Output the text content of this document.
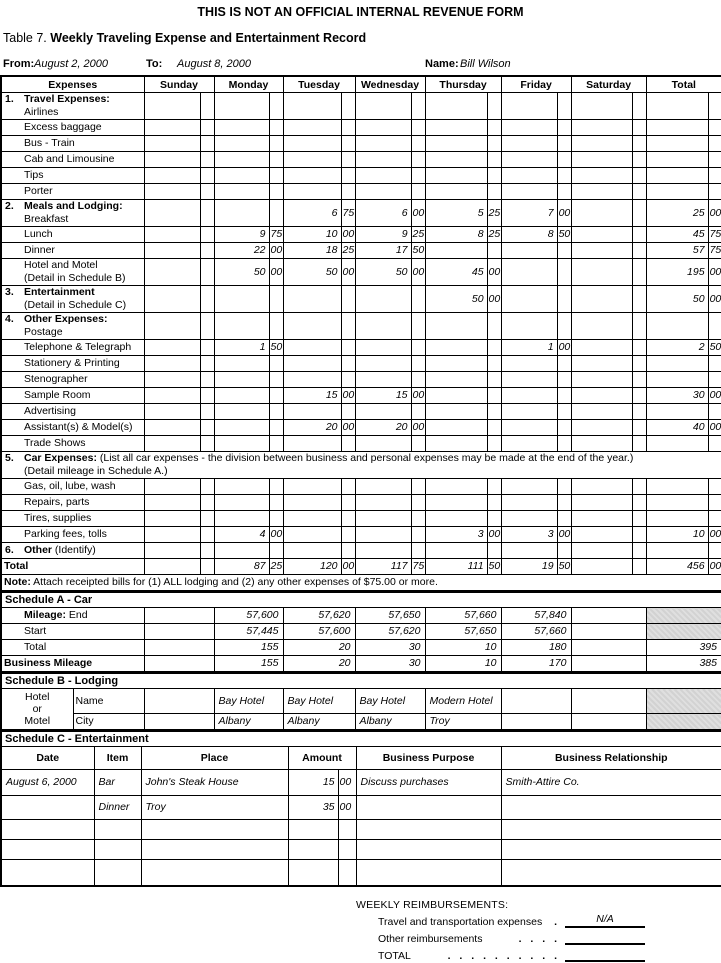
THIS IS NOT AN OFFICIAL INTERNAL REVENUE FORM
Table 7. Weekly Traveling Expense and Entertainment Record
From: August 2, 2000	To: August 8, 2000	Name: Bill Wilson
Expenses	Sunday		Monday		Tuesday		Wednesday		Thursday		Friday		Saturday		Total	

1. Travel Expenses:
Airlines																

Excess baggage																

Bus - Train																

Cab and Limousine																

Tips																

Porter																

2. Meals and Lodging:
Breakfast					6	75	6	00	5	25	7	00			25	00

Lunch			9	75	10	00	9	25	8	25	8	50			45	75

Dinner			22	00	18	25	17	50							57	75

Hotel and Motel
(Detail in Schedule B)			50	00	50	00	50	00	45	00					195	00

3. Entertainment
(Detail in Schedule C)									50	00					50	00

4. Other Expenses:
Postage																

Telephone & Telegraph			1	50							1	00			2	50

Stationery & Printing																

Stenographer																

Sample Room					15	00	15	00							30	00

Advertising																

Assistant(s) & Model(s)					20	00	20	00							40	00

Trade Shows																

5. Car Expenses: (List all car expenses - the division between business and personal expenses may be made at the end of the year.)
(Detail mileage in Schedule A.)																

Gas, oil, lube, wash																

Repairs, parts																

Tires, supplies																

Parking fees, tolls			4	00					3	00	3	00			10	00

6. Other (Identify)																

Total			87	25	120	00	117	75	111	50	19	50			456	00

Note: Attach receipted bills for (1) ALL lodging and (2) any other expenses of $75.00 or more.																
Schedule A - Car								

Mileage: End		57,600	57,620	57,650	57,660	57,840		

Start		57,445	57,600	57,620	57,650	57,660		

Total		155	20	30	10	180		395

Business Mileage		155	20	30	10	170		385
Schedule B - Lodging									

Hotel
or
Motel	Name		Bay Hotel	Bay Hotel	Bay Hotel	Modern Hotel			
	City		Albany	Albany	Albany	Troy			
Schedule C - Entertainment						
Date	Item	Place	Amount		Business Purpose	Business Relationship
August 6, 2000	Bar	John's Steak House	15	00	Discuss purchases	Smith-Attire Co.
	Dinner	Troy	35	00		

WEEKLY REIMBURSEMENTS:
Travel and transportation expenses	.	N/A
Other reimbursements	. . . .
TOTAL	. . . . . . . . . .
